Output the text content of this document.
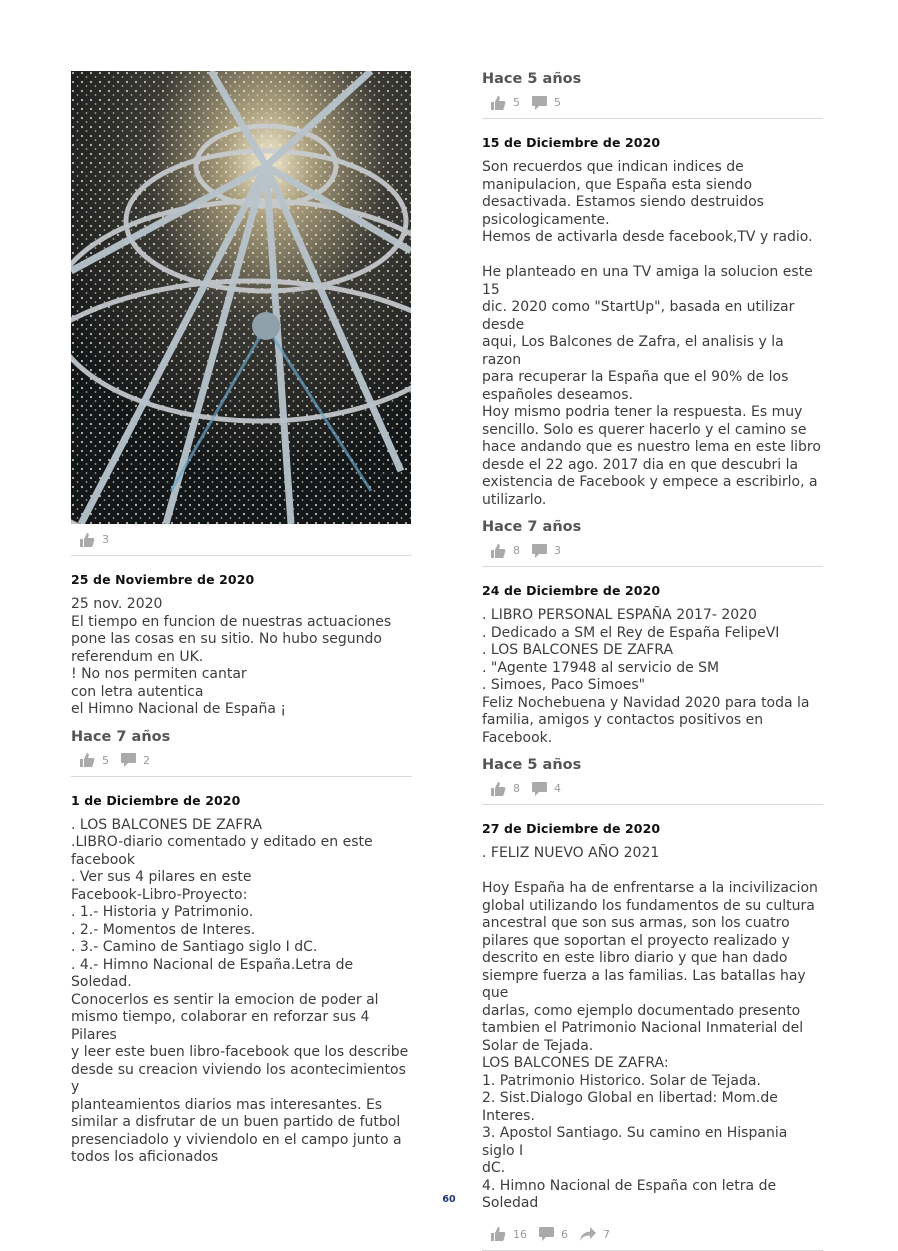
3
25 de Noviembre de 2020

25 nov. 2020

El tiempo en funcion de nuestras actuaciones

pone las cosas en su sitio. No hubo segundo

referendum en UK.

! No nos permiten cantar

con letra autentica

el Himno Nacional de España ¡

Hace 7 años
5	2
1 de Diciembre de 2020

. LOS BALCONES DE ZAFRA

.LIBRO-diario comentado y editado en este

facebook

. Ver sus 4 pilares en este

Facebook-Libro-Proyecto:

. 1.- Historia y Patrimonio.

. 2.- Momentos de Interes.

. 3.- Camino de Santiago siglo I dC.

. 4.- Himno Nacional de España.Letra de Soledad.

Conocerlos es sentir la emocion de poder al

mismo tiempo, colaborar en reforzar sus 4 Pilares

y leer este buen libro-facebook que los describe

desde su creacion viviendo los acontecimientos y

planteamientos diarios mas interesantes. Es

similar a disfrutar de un buen partido de futbol

presenciadolo y viviendolo en el campo junto a

todos los aficionados

Hace 5 años
5	5
15 de Diciembre de 2020

Son recuerdos que indican indices de

manipulacion, que España esta siendo

desactivada. Estamos siendo destruidos

psicologicamente.

Hemos de activarla desde facebook,TV y radio.

He planteado en una TV amiga la solucion este 15

dic. 2020 como "StartUp", basada en utilizar desde

aqui, Los Balcones de Zafra, el analisis y la razon

para recuperar la España que el 90% de los

españoles deseamos.

Hoy mismo podria tener la respuesta. Es muy

sencillo. Solo es querer hacerlo y el camino se

hace andando que es nuestro lema en este libro

desde el 22 ago. 2017 dia en que descubri la

existencia de Facebook y empece a escribirlo, a

utilizarlo.

Hace 7 años
8	3
24 de Diciembre de 2020

. LIBRO PERSONAL ESPAÑA 2017- 2020

. Dedicado a SM el Rey de España FelipeVI

. LOS BALCONES DE ZAFRA

. "Agente 17948 al servicio de SM

. Simoes, Paco Simoes"

Feliz Nochebuena y Navidad 2020 para toda la

familia, amigos y contactos positivos en Facebook.

Hace 5 años
8	4
27 de Diciembre de 2020

. FELIZ NUEVO AÑO 2021

Hoy España ha de enfrentarse a la incivilizacion

global utilizando los fundamentos de su cultura

ancestral que son sus armas, son los cuatro

pilares que soportan el proyecto realizado y

descrito en este libro diario y que han dado

siempre fuerza a las familias. Las batallas hay que

darlas, como ejemplo documentado presento

tambien el Patrimonio Nacional Inmaterial del

Solar de Tejada.

LOS BALCONES DE ZAFRA:

1. Patrimonio Historico. Solar de Tejada.

2. Sist.Dialogo Global en libertad: Mom.de Interes.

3. Apostol Santiago. Su camino en Hispania siglo I

dC.

4. Himno Nacional de España con letra de Soledad

16	6	7
60
